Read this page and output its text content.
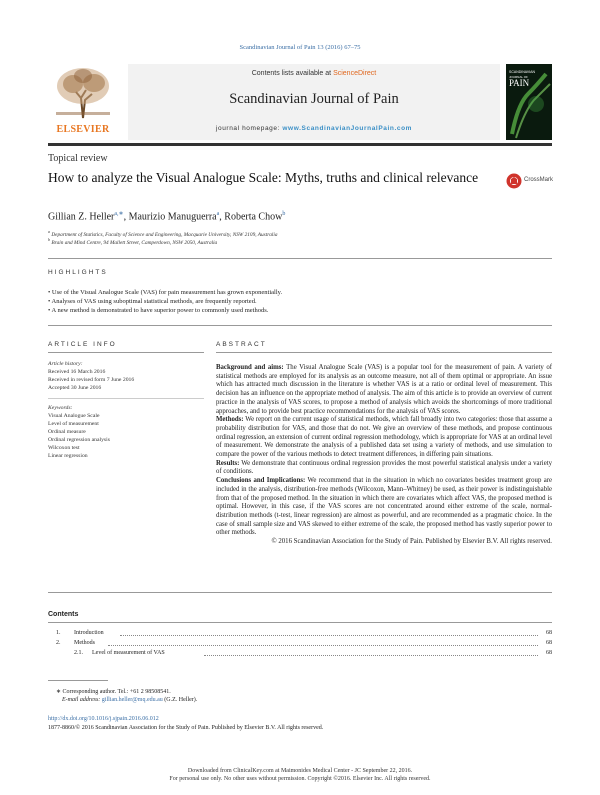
Scandinavian Journal of Pain 13 (2016) 67–75
ELSEVIER
Contents lists available at ScienceDirect
Scandinavian Journal of Pain
journal homepage: www.ScandinavianJournalPain.com
SCANDINAVIAN
JOURNAL OF
PAIN
Topical review
How to analyze the Visual Analogue Scale: Myths, truths and clinical relevance	CrossMark
Gillian Z. Heller$^{a,∗}$, Maurizio Manuguerra$^a$, Roberta Chow$^b$
$^a$ Department of Statistics, Faculty of Science and Engineering, Macquarie University, NSW 2109, Australia
$^b$ Brain and Mind Centre, 94 Mallett Street, Camperdown, NSW 2050, Australia
HIGHLIGHTS
• Use of the Visual Analogue Scale (VAS) for pain measurement has grown exponentially.
• Analyses of VAS using suboptimal statistical methods, are frequently reported.
• A new method is demonstrated to have superior power to commonly used methods.
ARTICLE INFO
Article history:
Received 16 March 2016
Received in revised form 7 June 2016
Accepted 30 June 2016
Keywords:
Visual Analogue Scale
Level of measurement
Ordinal measure
Ordinal regression analysis
Wilcoxon test
Linear regression
ABSTRACT

Background and aims: The Visual Analogue Scale (VAS) is a popular tool for the measurement of pain. A variety of statistical methods are employed for its analysis as an outcome measure, not all of them optimal or appropriate. An issue which has attracted much discussion in the literature is whether VAS is at a ratio or ordinal level of measurement. This decision has an influence on the appropriate method of analysis. The aim of this article is to provide an overview of current practice in the analysis of VAS scores, to propose a method of analysis which avoids the shortcomings of more traditional approaches, and to provide best practice recommendations for the analysis of VAS scores.

Methods: We report on the current usage of statistical methods, which fall broadly into two categories: those that assume a probability distribution for VAS, and those that do not. We give an overview of these methods, and propose continuous ordinal regression, an extension of current ordinal regression methodology, which is appropriate for VAS at an ordinal level of measurement. We demonstrate the analysis of a published data set using a variety of methods, and use simulation to compare the power of the various methods to detect treatment differences, in differing pain situations.

Results: We demonstrate that continuous ordinal regression provides the most powerful statistical analysis under a variety of conditions.

Conclusions and Implications: We recommend that in the situation in which no covariates besides treatment group are included in the analysis, distribution-free methods (Wilcoxon, Mann–Whitney) be used, as their power is indistinguishable from that of the proposed method. In the situation in which there are covariates which affect VAS, the proposed method is optimal. However, in this case, if the VAS scores are not concentrated around either extreme of the scale, normal-distribution methods (t-test, linear regression) are almost as powerful, and are recommended as a pragmatic choice. In the case of small sample size and VAS skewed to either extreme of the scale, the proposed method has vastly superior power to other methods.

© 2016 Scandinavian Association for the Study of Pain. Published by Elsevier B.V. All rights reserved.

Contents
1. Introduction	68
2. Methods	68
2.1. Level of measurement of VAS	68
∗ Corresponding author. Tel.: +61 2 98508541.
E-mail address: gillian.heller@mq.edu.au (G.Z. Heller).
http://dx.doi.org/10.1016/j.sjpain.2016.06.012
1877-8860/© 2016 Scandinavian Association for the Study of Pain. Published by Elsevier B.V. All rights reserved.
Downloaded from ClinicalKey.com at Maimonides Medical Center - JC September 22, 2016.
For personal use only. No other uses without permission. Copyright ©2016. Elsevier Inc. All rights reserved.
